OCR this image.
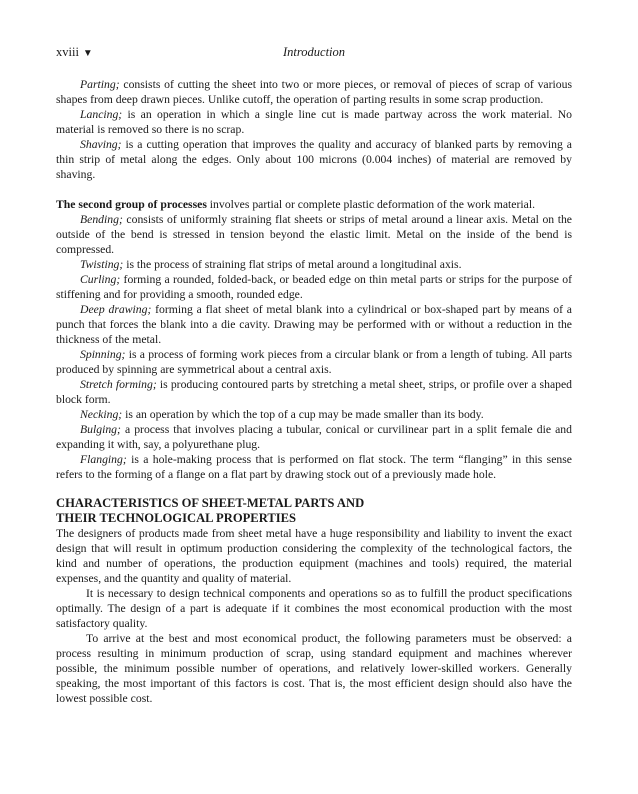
xviii ▼	Introduction

Parting; consists of cutting the sheet into two or more pieces, or removal of pieces of scrap of various shapes from deep drawn pieces. Unlike cutoff, the operation of parting results in some scrap production.

Lancing; is an operation in which a single line cut is made partway across the work material. No material is removed so there is no scrap.

Shaving; is a cutting operation that improves the quality and accuracy of blanked parts by removing a thin strip of metal along the edges. Only about 100 microns (0.004 inches) of material are removed by shaving.

The second group of processes involves partial or complete plastic deformation of the work material.

Bending; consists of uniformly straining flat sheets or strips of metal around a linear axis. Metal on the outside of the bend is stressed in tension beyond the elastic limit. Metal on the inside of the bend is compressed.

Twisting; is the process of straining flat strips of metal around a longitudinal axis.

Curling; forming a rounded, folded-back, or beaded edge on thin metal parts or strips for the purpose of stiffening and for providing a smooth, rounded edge.

Deep drawing; forming a flat sheet of metal blank into a cylindrical or box-shaped part by means of a punch that forces the blank into a die cavity. Drawing may be performed with or without a reduction in the thickness of the metal.

Spinning; is a process of forming work pieces from a circular blank or from a length of tubing. All parts produced by spinning are symmetrical about a central axis.

Stretch forming; is producing contoured parts by stretching a metal sheet, strips, or profile over a shaped block form.

Necking; is an operation by which the top of a cup may be made smaller than its body.

Bulging; a process that involves placing a tubular, conical or curvilinear part in a split female die and expanding it with, say, a polyurethane plug.

Flanging; is a hole-making process that is performed on flat stock. The term “flanging” in this sense refers to the forming of a flange on a flat part by drawing stock out of a previously made hole.

CHARACTERISTICS OF SHEET-METAL PARTS AND
THEIR TECHNOLOGICAL PROPERTIES

The designers of products made from sheet metal have a huge responsibility and liability to invent the exact design that will result in optimum production considering the complexity of the technological factors, the kind and number of operations, the production equipment (machines and tools) required, the material expenses, and the quantity and quality of material.

It is necessary to design technical components and operations so as to fulfill the product specifications optimally. The design of a part is adequate if it combines the most economical production with the most satisfactory quality.

To arrive at the best and most economical product, the following parameters must be observed: a process resulting in minimum production of scrap, using standard equipment and machines wherever possible, the minimum possible number of operations, and relatively lower-skilled workers. Generally speaking, the most important of this factors is cost. That is, the most efficient design should also have the lowest possible cost.
